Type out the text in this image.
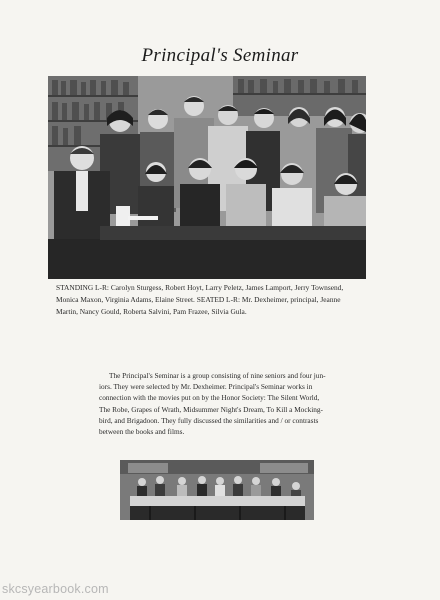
Principal's Seminar
STANDING L-R: Carolyn Sturgess, Robert Hoyt, Larry Peletz, James Lamport, Jerry Townsend,
Monica Maxon, Virginia Adams, Elaine Street. SEATED L-R: Mr. Dexheimer, principal, Jeanne
Martin, Nancy Gould, Roberta Salvini, Pam Frazee, Silvia Gula.
The Principal's Seminar is a group consisting of nine seniors and four jun-
iors. They were selected by Mr. Dexheimer. Principal's Seminar works in
connection with the movies put on by the Honor Society: The Silent World,
The Robe, Grapes of Wrath, Midsummer Night's Dream, To Kill a Mocking-
bird, and Brigadoon. They fully discussed the similarities and / or contrasts
between the books and films.
skcsyearbook.com
